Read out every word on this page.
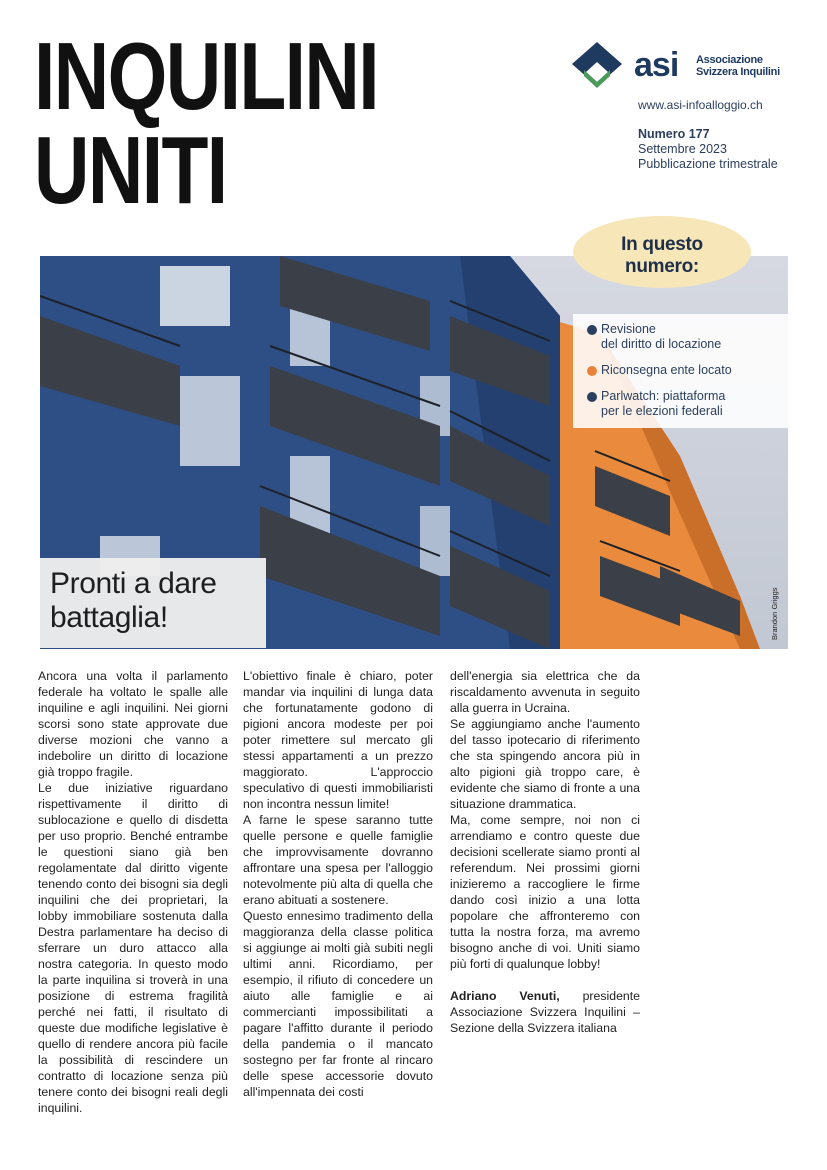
INQUILINI
UNITI
asi Associazione
Svizzera Inquilini
www.asi-infoalloggio.ch
Numero 177
Settembre 2023
Pubblicazione trimestrale
In questo
numero:
Revisione
del diritto di locazione
Riconsegna ente locato
Parlwatch: piattaforma
per le elezioni federali
Pronti a dare
battaglia!	Brandon Griggs

Ancora una volta il parlamento federale ha voltato le spalle alle inquiline e agli inquilini. Nei giorni scorsi sono state approvate due diverse mozioni che vanno a indebolire un diritto di locazione già troppo fragile.

Le due iniziative riguardano rispettivamente il diritto di sublocazione e quello di disdetta per uso proprio. Benché entrambe le questioni siano già ben regolamentate dal diritto vigente tenendo conto dei bisogni sia degli inquilini che dei proprietari, la lobby immobiliare sostenuta dalla Destra parlamentare ha deciso di sferrare un duro attacco alla nostra categoria. In questo modo la parte inquilina si troverà in una posizione di estrema fragilità perché nei fatti, il risultato di queste due modifiche legislative è quello di rendere ancora più facile la possibilità di rescindere un contratto di locazione senza più tenere conto dei bisogni reali degli inquilini.

L'obiettivo finale è chiaro, poter mandar via inquilini di lunga data che fortunatamente godono di pigioni ancora modeste per poi poter rimettere sul mercato gli stessi appartamenti a un prezzo maggiorato. L'approccio speculativo di questi immobiliaristi non incontra nessun limite!

A farne le spese saranno tutte quelle persone e quelle famiglie che improvvisamente dovranno affrontare una spesa per l'alloggio notevolmente più alta di quella che erano abituati a sostenere.

Questo ennesimo tradimento della maggioranza della classe politica si aggiunge ai molti già subiti negli ultimi anni. Ricordiamo, per esempio, il rifiuto di concedere un aiuto alle famiglie e ai commercianti impossibilitati a pagare l'affitto durante il periodo della pandemia o il mancato sostegno per far fronte al rincaro delle spese accessorie dovuto all'impennata dei costi

dell'energia sia elettrica che da riscaldamento avvenuta in seguito alla guerra in Ucraina.

Se aggiungiamo anche l'aumento del tasso ipotecario di riferimento che sta spingendo ancora più in alto pigioni già troppo care, è evidente che siamo di fronte a una situazione drammatica.

Ma, come sempre, noi non ci arrendiamo e contro queste due decisioni scellerate siamo pronti al referendum. Nei prossimi giorni inizieremo a raccogliere le firme dando così inizio a una lotta popolare che affronteremo con tutta la nostra forza, ma avremo bisogno anche di voi. Uniti siamo più forti di qualunque lobby!

Adriano Venuti, presidente Associazione Svizzera Inquilini – Sezione della Svizzera italiana
